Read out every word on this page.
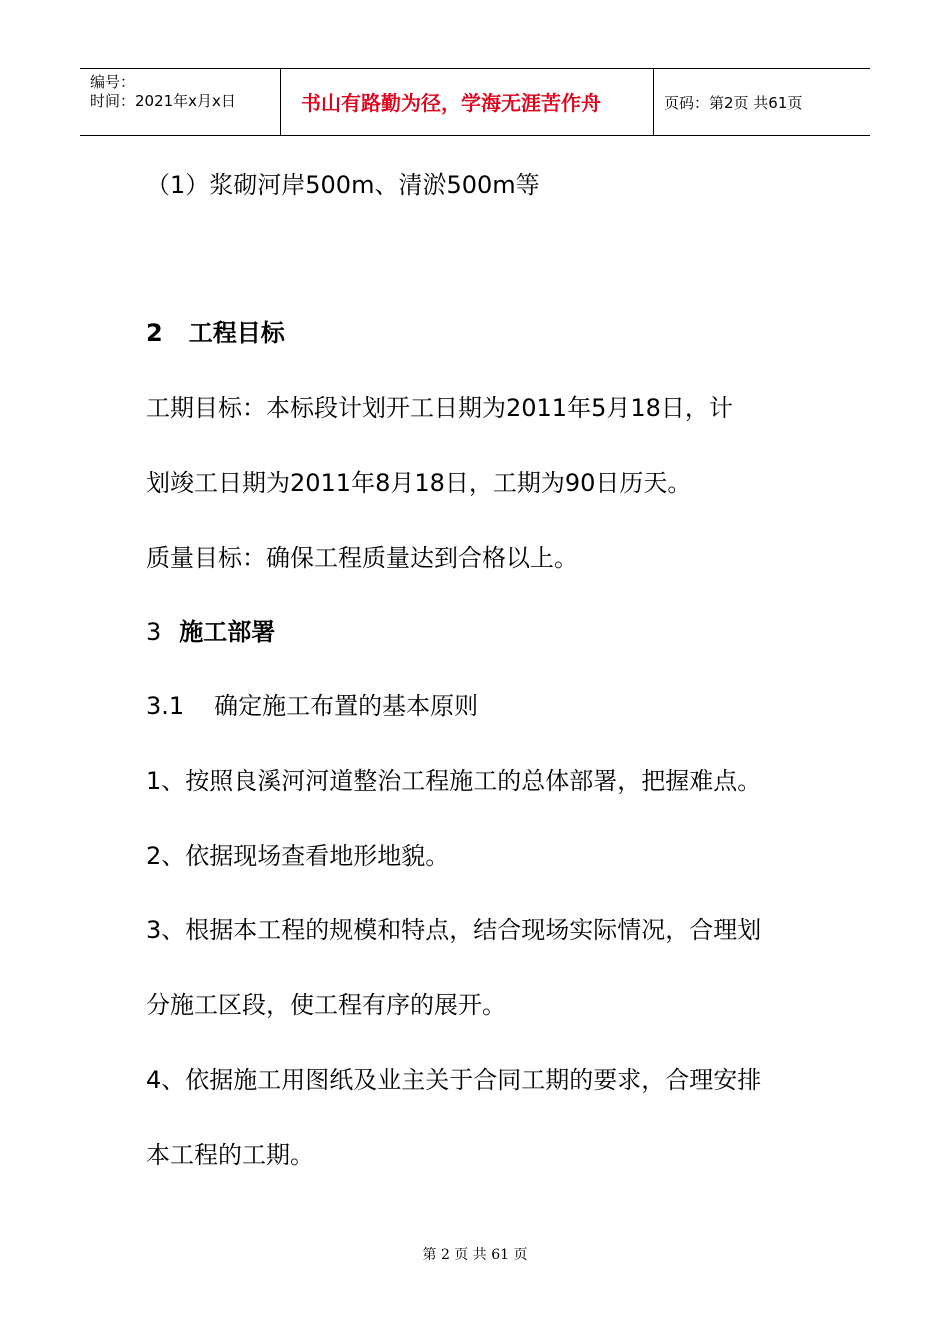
编号：
时间：2021年x月x日	书山有路勤为径，学海无涯苦作舟	页码：第2页 共61页
（1）浆砌河岸500m、清淤500m等
2 工程目标
工期目标：本标段计划开工日期为2011年5月18日，计
划竣工日期为2011年8月18日，工期为90日历天。
质量目标：确保工程质量达到合格以上。
3 施工部署
3.1 确定施工布置的基本原则
1、按照良溪河河道整治工程施工的总体部署，把握难点。
2、依据现场查看地形地貌。
3、根据本工程的规模和特点，结合现场实际情况，合理划
分施工区段，使工程有序的展开。
4、依据施工用图纸及业主关于合同工期的要求，合理安排
本工程的工期。
第 2 页 共 61 页
